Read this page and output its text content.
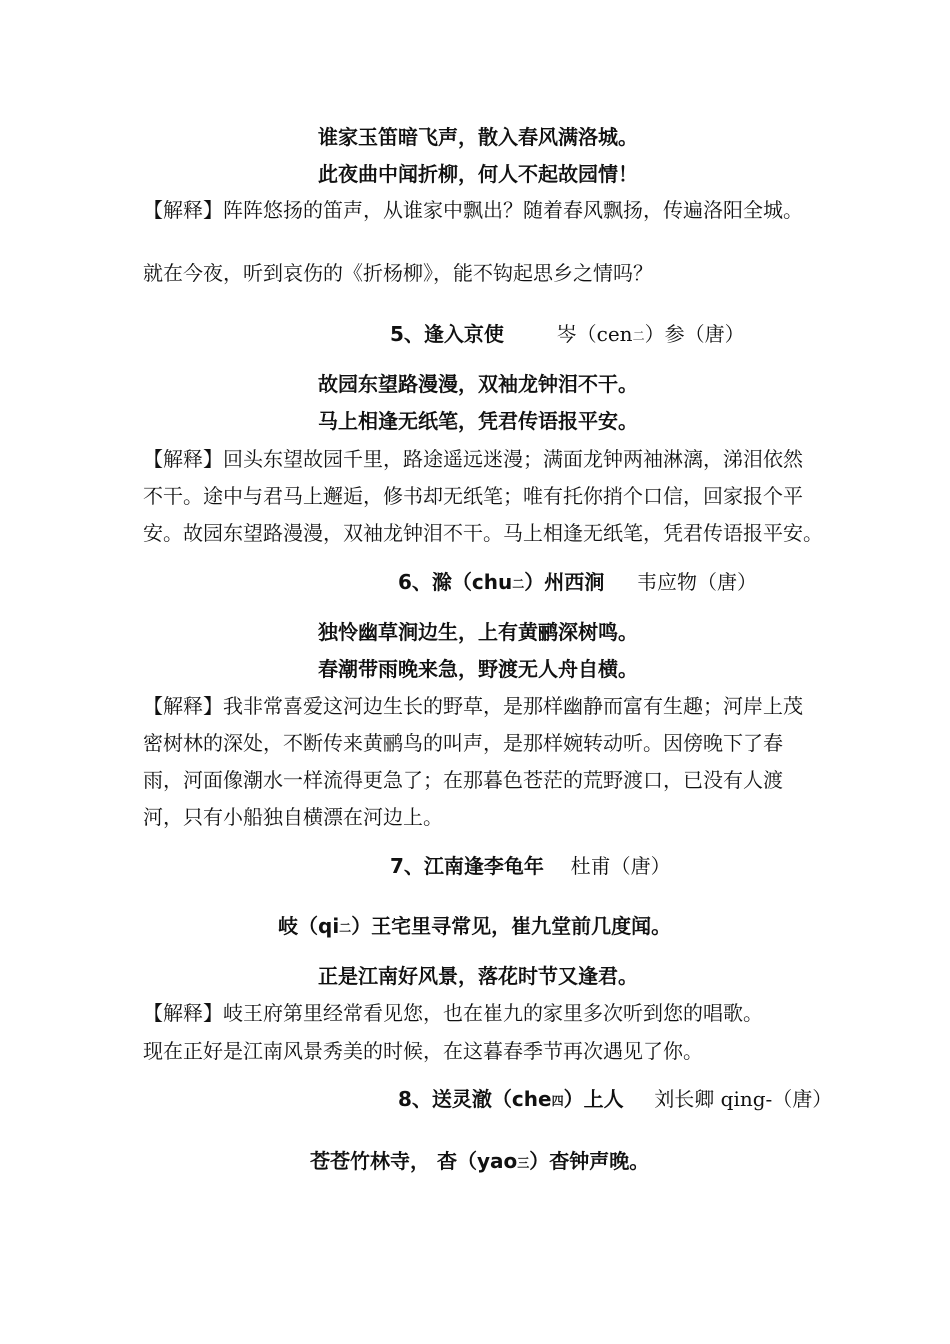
谁家玉笛暗飞声，散入春风满洛城。
此夜曲中闻折柳，何人不起故园情！
【解释】阵阵悠扬的笛声，从谁家中飘出？随着春风飘扬，传遍洛阳全城。
就在今夜，听到哀伤的《折杨柳》，能不钩起思乡之情吗？
5、逢入京使	岑（cen二）参（唐）
故园东望路漫漫，双袖龙钟泪不干。
马上相逢无纸笔，凭君传语报平安。
【解释】回头东望故园千里，路途遥远迷漫；满面龙钟两袖淋漓，涕泪依然
不干。途中与君马上邂逅，修书却无纸笔；唯有托你捎个口信，回家报个平
安。故园东望路漫漫，双袖龙钟泪不干。马上相逢无纸笔，凭君传语报平安。
6、滁（chu二）州西涧 韦应物（唐）
独怜幽草涧边生，上有黄鹂深树鸣。
春潮带雨晚来急，野渡无人舟自横。
【解释】我非常喜爱这河边生长的野草，是那样幽静而富有生趣；河岸上茂
密树林的深处，不断传来黄鹂鸟的叫声，是那样婉转动听。因傍晚下了春
雨，河面像潮水一样流得更急了；在那暮色苍茫的荒野渡口，已没有人渡
河，只有小船独自横漂在河边上。
7、江南逢李龟年 杜甫（唐）
岐（qi二）王宅里寻常见，崔九堂前几度闻。
正是江南好风景，落花时节又逢君。
【解释】岐王府第里经常看见您，也在崔九的家里多次听到您的唱歌。
现在正好是江南风景秀美的时候，在这暮春季节再次遇见了你。
8、送灵澈（che四）上人 刘长卿 qing-（唐）
苍苍竹林寺， 杳（yao三）杳钟声晚。
